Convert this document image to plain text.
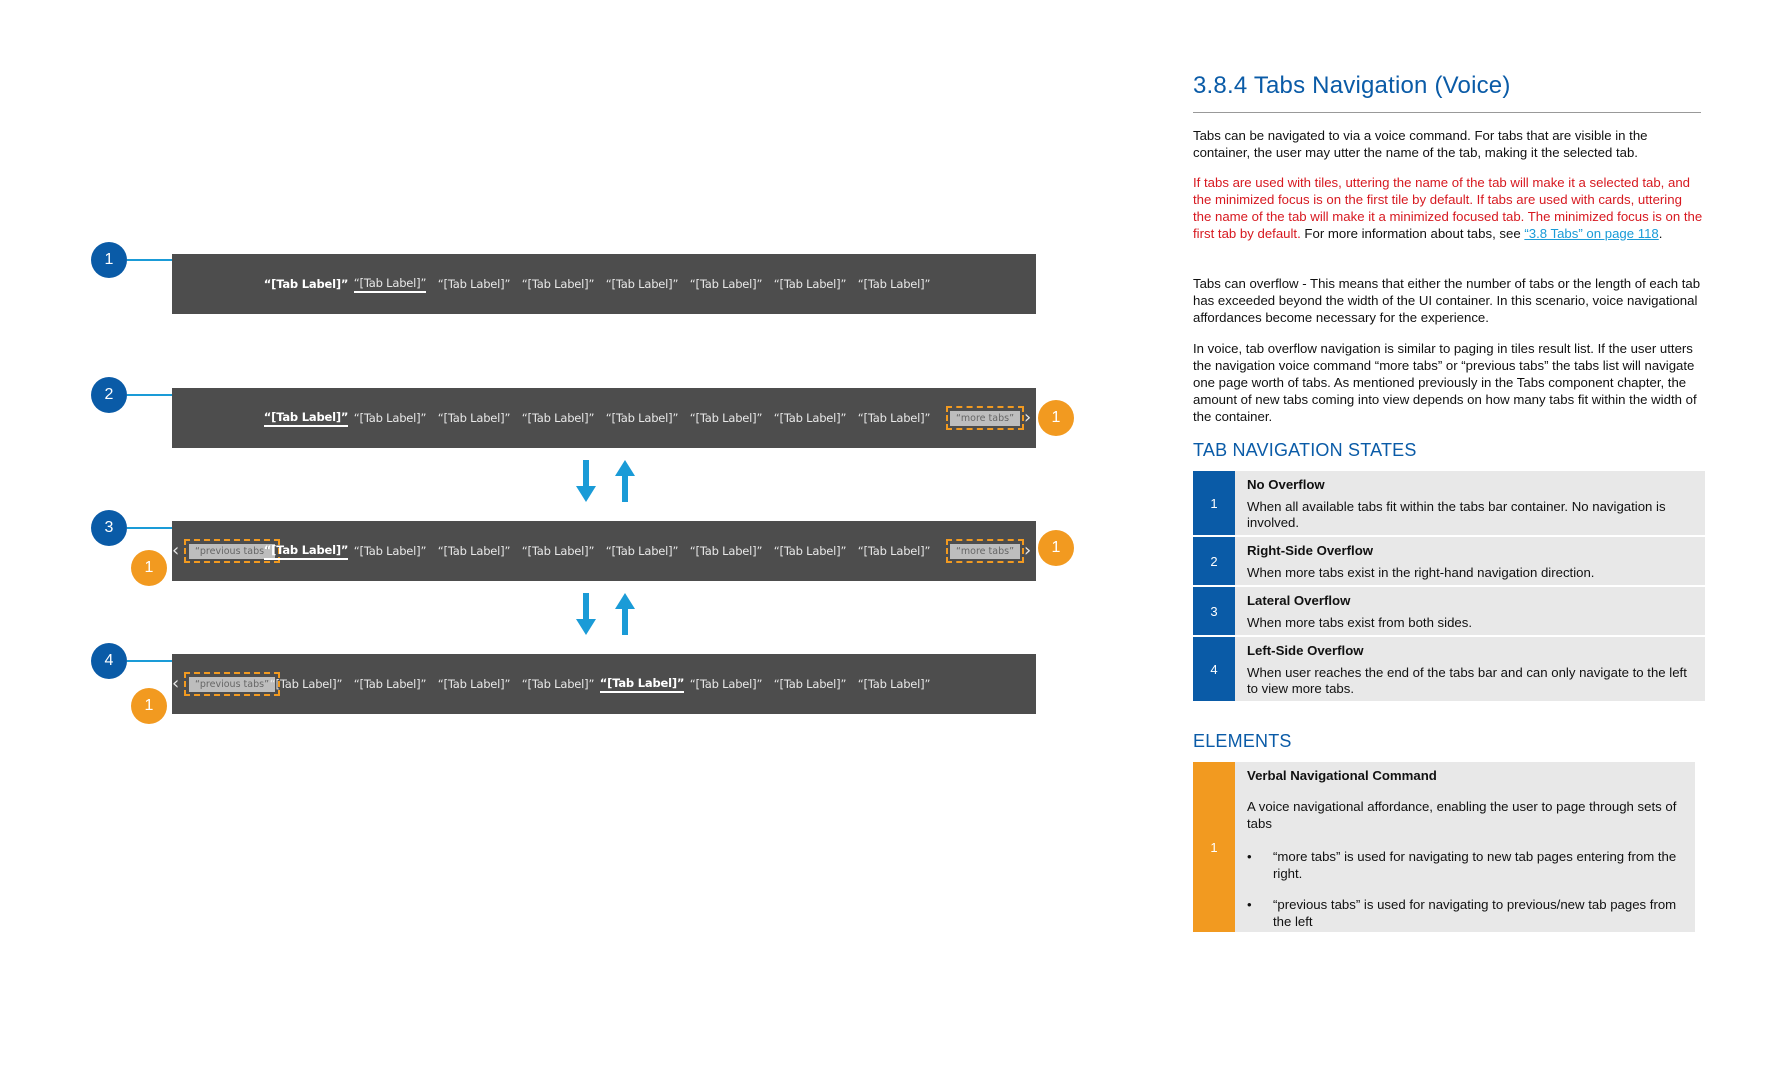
1
“[Tab Label]” “[Tab Label]” “[Tab Label]” “[Tab Label]” “[Tab Label]” “[Tab Label]” “[Tab Label]” “[Tab Label]”
2
“[Tab Label]” “[Tab Label]” “[Tab Label]” “[Tab Label]” “[Tab Label]” “[Tab Label]” “[Tab Label]” “[Tab Label]”	“more tabs” › 1
3
‹	“previous tabs”
“[Tab Label]” “[Tab Label]” “[Tab Label]” “[Tab Label]” “[Tab Label]” “[Tab Label]” “[Tab Label]” “[Tab Label]”	“more tabs” ›
1
1
4
‹	“previous tabs” “[Tab Label]” “[Tab Label]” “[Tab Label]” “[Tab Label]” “[Tab Label]” “[Tab Label]” “[Tab Label]” “[Tab Label]”
1
3.8.4 Tabs Navigation (Voice)
Tabs can be navigated to via a voice command. For tabs that are visible in the container, the user may utter the name of the tab, making it the selected tab.
If tabs are used with tiles, uttering the name of the tab will make it a selected tab, and the minimized focus is on the first tile by default. If tabs are used with cards, uttering the name of the tab will make it a minimized focused tab. The minimized focus is on the first tab by default. For more information about tabs, see “3.8 Tabs” on page 118.
Tabs can overflow - This means that either the number of tabs or the length of each tab has exceeded beyond the width of the UI container. In this scenario, voice navigational affordances become necessary for the experience.
In voice, tab overflow navigation is similar to paging in tiles result list. If the user utters the navigation voice command “more tabs” or “previous tabs” the tabs list will navigate one page worth of tabs. As mentioned previously in the Tabs component chapter, the amount of new tabs coming into view depends on how many tabs fit within the width of the container.
TAB NAVIGATION STATES
1
No Overflow
When all available tabs fit within the tabs bar container. No navigation is involved.
2
Right-Side Overflow
When more tabs exist in the right-hand navigation direction.
3
Lateral Overflow
When more tabs exist from both sides.
4
Left-Side Overflow
When user reaches the end of the tabs bar and can only navigate to the left to view more tabs.
ELEMENTS
1
Verbal Navigational Command
A voice navigational affordance, enabling the user to page through sets of tabs
• “more tabs” is used for navigating to new tab pages entering from the right.
• “previous tabs” is used for navigating to previous/new tab pages from the left
